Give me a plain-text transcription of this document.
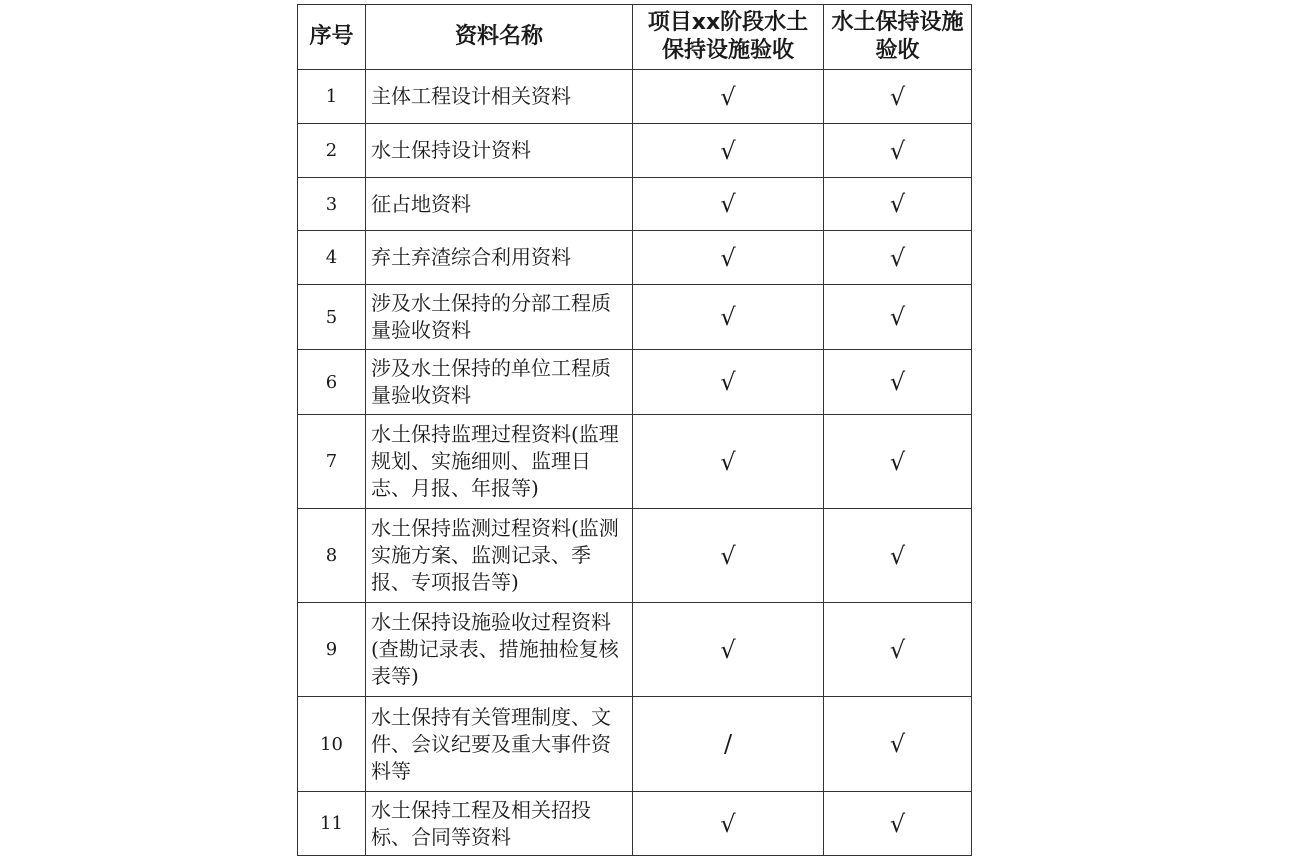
序号	资料名称	项目xx阶段水土保持设施验收	水土保持设施验收
1	主体工程设计相关资料	√	√
2	水土保持设计资料	√	√
3	征占地资料	√	√
4	弃土弃渣综合利用资料	√	√
5	涉及水土保持的分部工程质量验收资料	√	√
6	涉及水土保持的单位工程质量验收资料	√	√
7	水土保持监理过程资料(监理规划、实施细则、监理日志、月报、年报等)	√	√
8	水土保持监测过程资料(监测实施方案、监测记录、季报、专项报告等)	√	√
9	水土保持设施验收过程资料(查勘记录表、措施抽检复核表等)	√	√
10	水土保持有关管理制度、文件、会议纪要及重大事件资料等	/	√
11	水土保持工程及相关招投标、合同等资料	√	√
